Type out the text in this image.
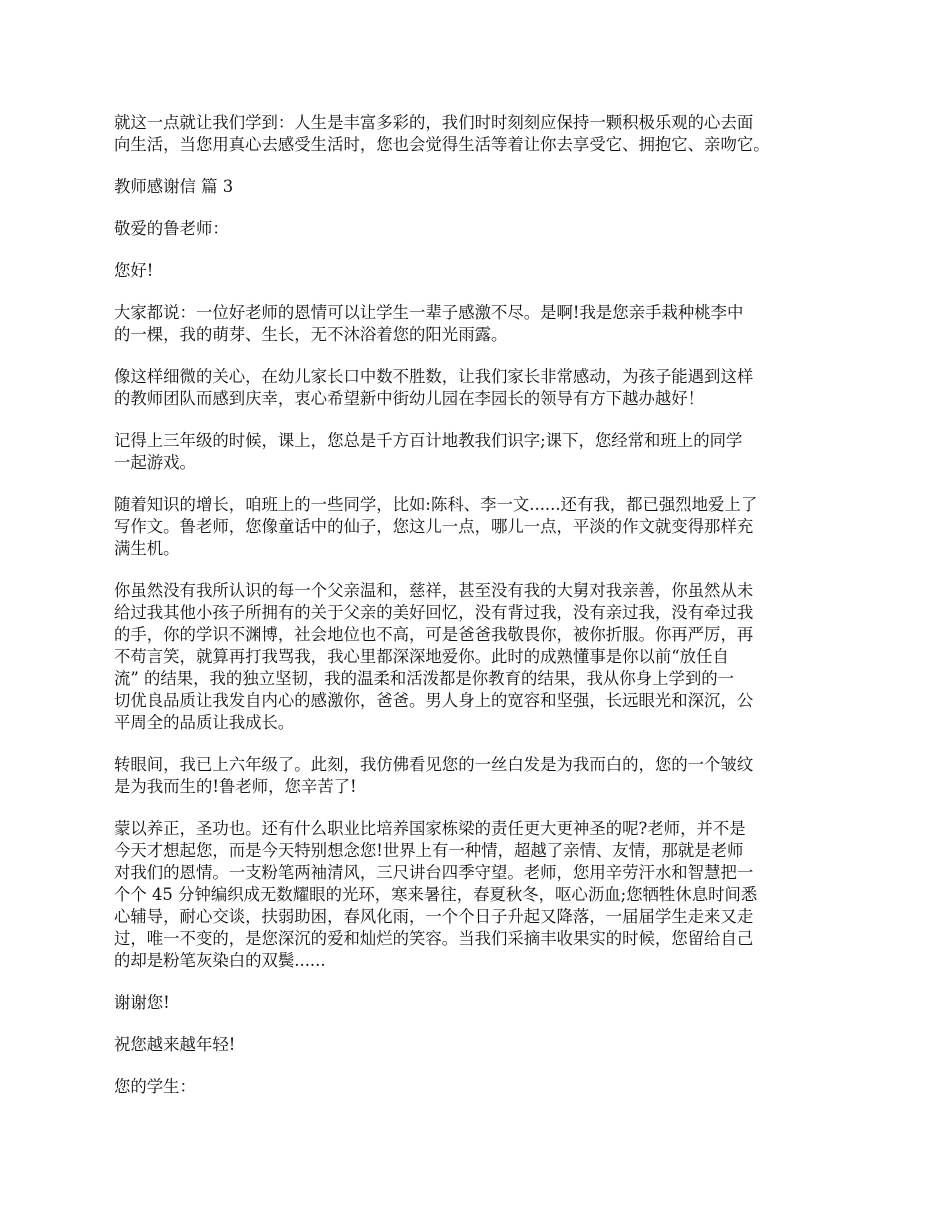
就这一点就让我们学到：人生是丰富多彩的，我们时时刻刻应保持一颗积极乐观的心去面
向生活，当您用真心去感受生活时，您也会觉得生活等着让你去享受它、拥抱它、亲吻它。

教师感谢信 篇 3

敬爱的鲁老师：

您好!

大家都说：一位好老师的恩情可以让学生一辈子感激不尽。是啊!我是您亲手栽种桃李中
的一棵，我的萌芽、生长，无不沐浴着您的阳光雨露。

像这样细微的关心，在幼儿家长口中数不胜数，让我们家长非常感动，为孩子能遇到这样
的教师团队而感到庆幸，衷心希望新中街幼儿园在李园长的领导有方下越办越好！

记得上三年级的时候，课上，您总是千方百计地教我们识字;课下，您经常和班上的同学
一起游戏。

随着知识的增长，咱班上的一些同学，比如:陈科、李一文......还有我，都已强烈地爱上了
写作文。鲁老师，您像童话中的仙子，您这儿一点，哪儿一点，平淡的作文就变得那样充
满生机。

你虽然没有我所认识的每一个父亲温和，慈祥，甚至没有我的大舅对我亲善，你虽然从未
给过我其他小孩子所拥有的关于父亲的美好回忆，没有背过我，没有亲过我，没有牵过我
的手，你的学识不渊博，社会地位也不高，可是爸爸我敬畏你，被你折服。你再严厉，再
不苟言笑，就算再打我骂我，我心里都深深地爱你。此时的成熟懂事是你以前“放任自
流” 的结果，我的独立坚韧，我的温柔和活泼都是你教育的结果，我从你身上学到的一
切优良品质让我发自内心的感激你，爸爸。男人身上的宽容和坚强，长远眼光和深沉，公
平周全的品质让我成长。

转眼间，我已上六年级了。此刻，我仿佛看见您的一丝白发是为我而白的，您的一个皱纹
是为我而生的!鲁老师，您辛苦了!

蒙以养正，圣功也。还有什么职业比培养国家栋梁的责任更大更神圣的呢?老师，并不是
今天才想起您，而是今天特别想念您!世界上有一种情，超越了亲情、友情，那就是老师
对我们的恩情。一支粉笔两袖清风，三尺讲台四季守望。老师，您用辛劳汗水和智慧把一
个个 45 分钟编织成无数耀眼的光环，寒来暑往，春夏秋冬，呕心沥血;您牺牲休息时间悉
心辅导，耐心交谈，扶弱助困，春风化雨，一个个日子升起又降落，一届届学生走来又走
过，唯一不变的，是您深沉的爱和灿烂的笑容。当我们采摘丰收果实的时候，您留给自己
的却是粉笔灰染白的双鬓......

谢谢您!

祝您越来越年轻!

您的学生：
